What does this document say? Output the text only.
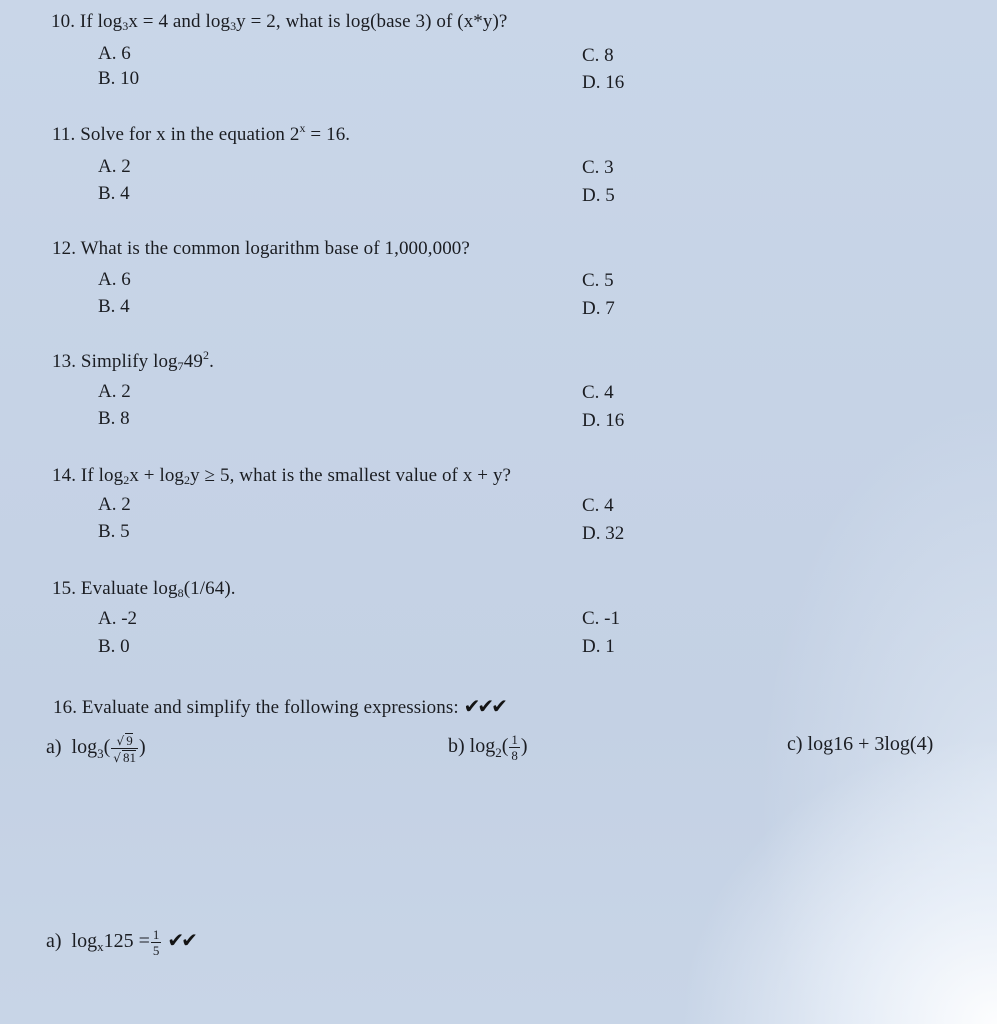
10. If $\log_3x = 4$ and $\log_3y = 2$, what is log(base 3) of (x*y)?
A. 6
B. 10
C. 8
D. 16
11. Solve for x in the equation $2^x = 16$.
A. 2
B. 4
C. 3
D. 5
12. What is the common logarithm base of 1,000,000?
A. 6
B. 4
C. 5
D. 7
13. Simplify $\log_749^2$.
A. 2
B. 8
C. 4
D. 16
14. If $\log_2x + \log_2y \ge 5$, what is the smallest value of x + y?
A. 2
B. 5
C. 4
D. 32
15. Evaluate $\log_8(1/64)$.
A. -2
B. 0
C. -1
D. 1
16. Evaluate and simplify the following expressions: ✔✔✔
a) $\log_3( \frac{√ 9}{√ 81}$ )	b) $\log_2( \frac{1}{8}$ )	c) log16 + 3log(4)
a) $\log_x125 = \frac{1}{5}$ ✔✔
